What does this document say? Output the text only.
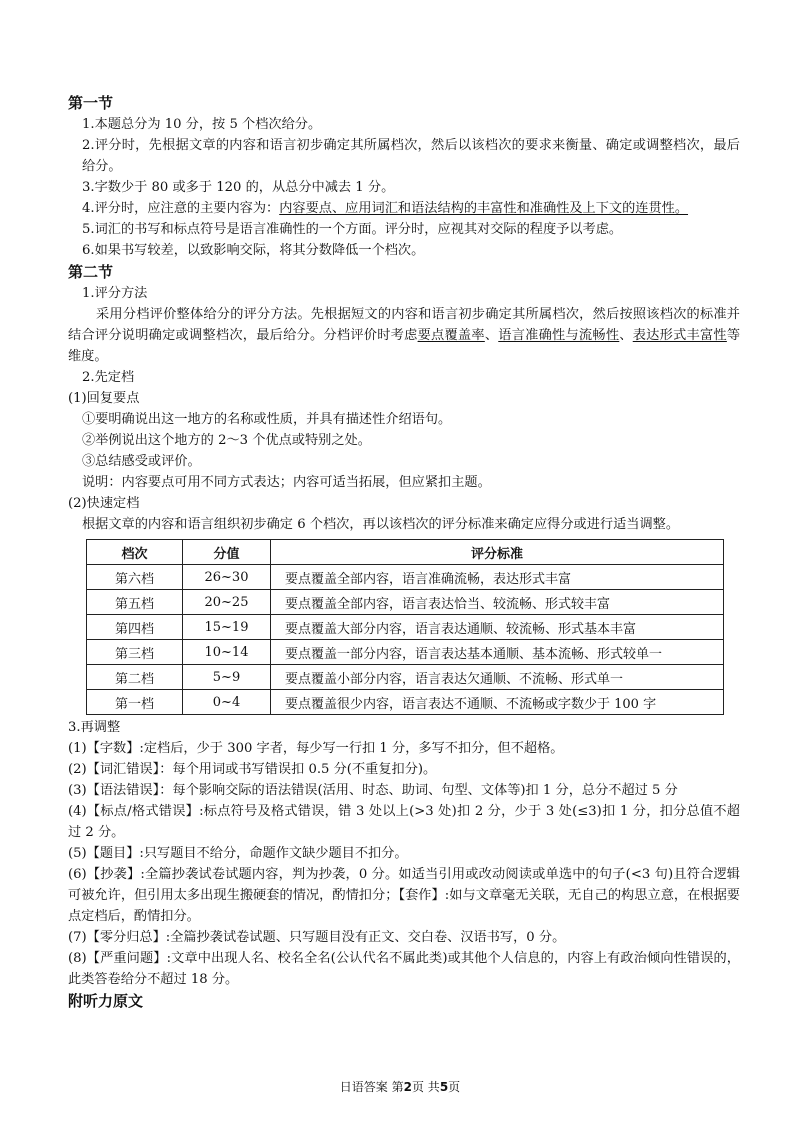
第一节

1.本题总分为 10 分，按 5 个档次给分。

2.评分时，先根据文章的内容和语言初步确定其所属档次，然后以该档次的要求来衡量、确定或调整档次，最后给分。

3.字数少于 80 或多于 120 的，从总分中减去 1 分。

4.评分时，应注意的主要内容为：内容要点、应用词汇和语法结构的丰富性和准确性及上下文的连贯性。

5.词汇的书写和标点符号是语言准确性的一个方面。评分时，应视其对交际的程度予以考虑。

6.如果书写较差，以致影响交际，将其分数降低一个档次。

第二节

1.评分方法

采用分档评价整体给分的评分方法。先根据短文的内容和语言初步确定其所属档次，然后按照该档次的标准并结合评分说明确定或调整档次，最后给分。分档评价时考虑要点覆盖率、语言准确性与流畅性、表达形式丰富性等维度。

2.先定档

(1)回复要点

①要明确说出这一地方的名称或性质，并具有描述性介绍语句。

②举例说出这个地方的 2～3 个优点或特别之处。

③总结感受或评价。

说明：内容要点可用不同方式表达；内容可适当拓展，但应紧扣主题。

(2)快速定档

根据文章的内容和语言组织初步确定 6 个档次，再以该档次的评分标准来确定应得分或进行适当调整。

档次	分值	评分标准
第六档	26~30	要点覆盖全部内容，语言准确流畅，表达形式丰富
第五档	20~25	要点覆盖全部内容，语言表达恰当、较流畅、形式较丰富
第四档	15~19	要点覆盖大部分内容，语言表达通顺、较流畅、形式基本丰富
第三档	10~14	要点覆盖一部分内容，语言表达基本通顺、基本流畅、形式较单一
第二档	5~9	要点覆盖小部分内容，语言表达欠通顺、不流畅、形式单一
第一档	0~4	要点覆盖很少内容，语言表达不通顺、不流畅或字数少于 100 字

3.再调整

(1)【字数】:定档后，少于 300 字者，每少写一行扣 1 分，多写不扣分，但不超格。

(2)【词汇错误】：每个用词或书写错误扣 0.5 分(不重复扣分)。

(3)【语法错误】：每个影响交际的语法错误(活用、时态、助词、句型、文体等)扣 1 分，总分不超过 5 分

(4)【标点/格式错误】:标点符号及格式错误，错 3 处以上(>3 处)扣 2 分，少于 3 处(≤3)扣 1 分，扣分总值不超过 2 分。

(5)【题目】:只写题目不给分，命题作文缺少题目不扣分。

(6)【抄袭】:全篇抄袭试卷试题内容，判为抄袭，0 分。如适当引用或改动阅读或单选中的句子(<3 句)且符合逻辑可被允许，但引用太多出现生搬硬套的情况，酌情扣分；【套作】:如与文章毫无关联，无自己的构思立意，在根据要点定档后，酌情扣分。

(7)【零分归总】:全篇抄袭试卷试题、只写题目没有正文、交白卷、汉语书写，0 分。

(8)【严重问题】:文章中出现人名、校名全名(公认代名不属此类)或其他个人信息的，内容上有政治倾向性错误的，此类答卷给分不超过 18 分。

附听力原文

日语答案 第2页 共5页
